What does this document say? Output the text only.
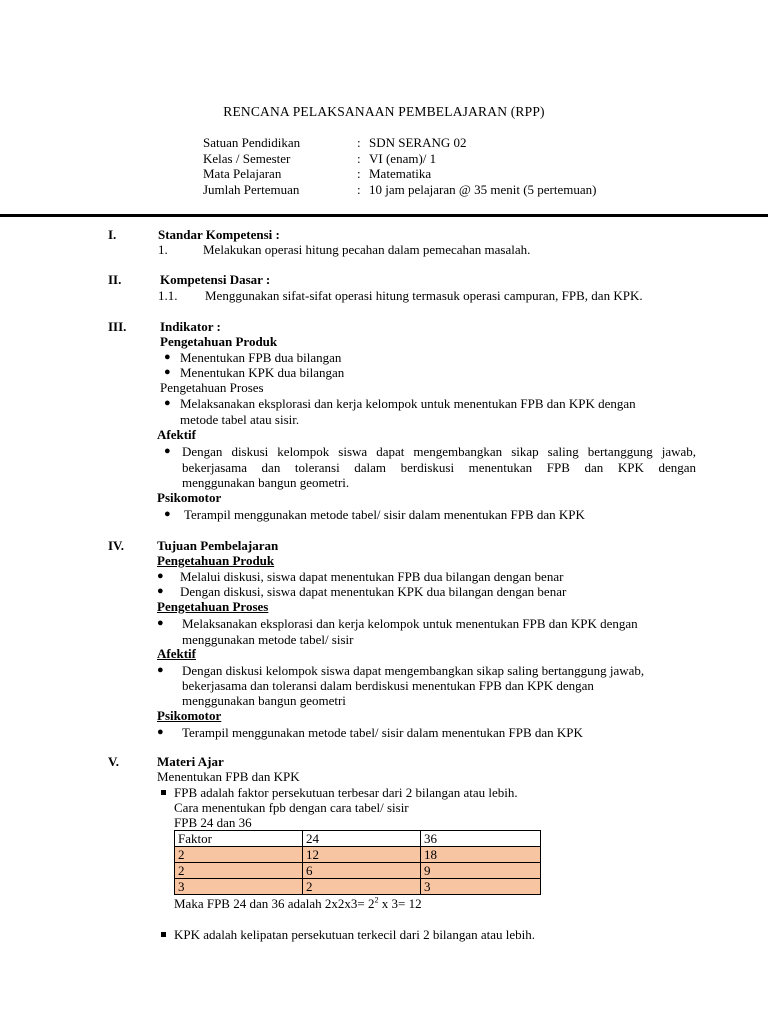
RENCANA PELAKSANAAN PEMBELAJARAN (RPP)
Satuan Pendidikan	: SDN SERANG 02
Kelas / Semester	: VI (enam)/ 1
Mata Pelajaran	: Matematika
Jumlah Pertemuan	: 10 jam pelajaran @ 35 menit (5 pertemuan)
I.	Standar Kompetensi :
1.	Melakukan operasi hitung pecahan dalam pemecahan masalah.
II.	Kompetensi Dasar :
1.1. Menggunakan sifat-sifat operasi hitung termasuk operasi campuran, FPB, dan KPK.
III.	Indikator :
Pengetahuan Produk
● Menentukan FPB dua bilangan
● Menentukan KPK dua bilangan
Pengetahuan Proses
● Melaksanakan eksplorasi dan kerja kelompok untuk menentukan FPB dan KPK dengan
metode tabel atau sisir.
Afektif
● Dengan diskusi kelompok siswa dapat mengembangkan sikap saling bertanggung jawab,
bekerjasama dan toleransi dalam berdiskusi menentukan FPB dan KPK dengan
menggunakan bangun geometri.
Psikomotor
● Terampil menggunakan metode tabel/ sisir dalam menentukan FPB dan KPK
IV.	Tujuan Pembelajaran
Pengetahuan Produk
● Melalui diskusi, siswa dapat menentukan FPB dua bilangan dengan benar
● Dengan diskusi, siswa dapat menentukan KPK dua bilangan dengan benar
Pengetahuan Proses
● Melaksanakan eksplorasi dan kerja kelompok untuk menentukan FPB dan KPK dengan
menggunakan metode tabel/ sisir
Afektif
● Dengan diskusi kelompok siswa dapat mengembangkan sikap saling bertanggung jawab,
bekerjasama dan toleransi dalam berdiskusi menentukan FPB dan KPK dengan
menggunakan bangun geometri
Psikomotor
● Terampil menggunakan metode tabel/ sisir dalam menentukan FPB dan KPK
V.	Materi Ajar
Menentukan FPB dan KPK
FPB adalah faktor persekutuan terbesar dari 2 bilangan atau lebih.
Cara menentukan fpb dengan cara tabel/ sisir
FPB 24 dan 36
Faktor	24	36
2	12	18
2	6	9
3	2	3
Maka FPB 24 dan 36 adalah $2x2x3= 2^2$ x 3= 12
KPK adalah kelipatan persekutuan terkecil dari 2 bilangan atau lebih.
